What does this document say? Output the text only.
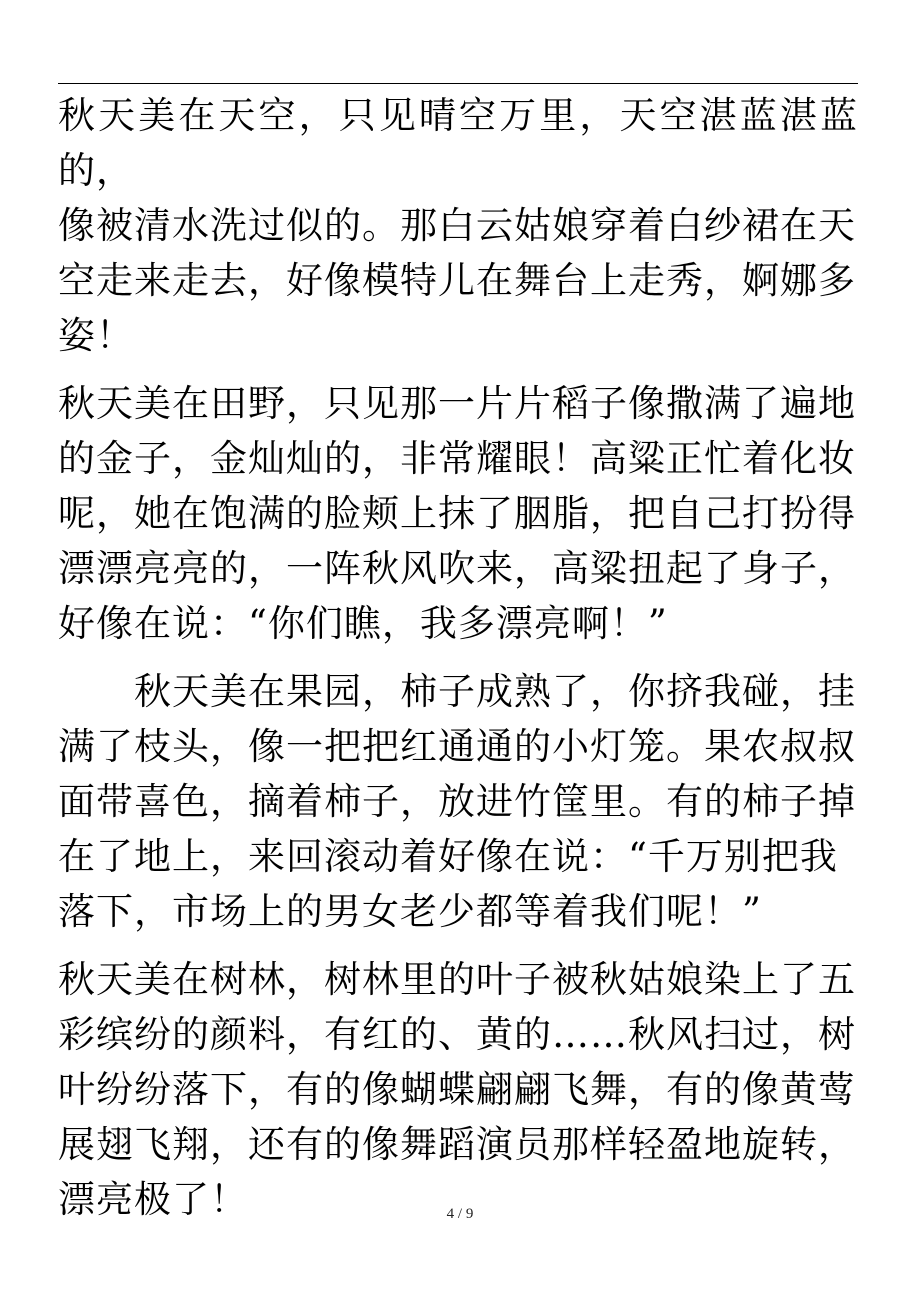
秋天美在天空，只见晴空万里，天空湛蓝湛蓝的，
像被清水洗过似的。那白云姑娘穿着白纱裙在天
空走来走去，好像模特儿在舞台上走秀，婀娜多
姿！

秋天美在田野，只见那一片片稻子像撒满了遍地
的金子，金灿灿的，非常耀眼！高粱正忙着化妆
呢，她在饱满的脸颊上抹了胭脂，把自己打扮得
漂漂亮亮的，一阵秋风吹来，高粱扭起了身子，
好像在说：“你们瞧，我多漂亮啊！”

秋天美在果园，柿子成熟了，你挤我碰，挂
满了枝头，像一把把红通通的小灯笼。果农叔叔
面带喜色，摘着柿子，放进竹筐里。有的柿子掉
在了地上，来回滚动着好像在说：“千万别把我
落下，市场上的男女老少都等着我们呢！”

秋天美在树林，树林里的叶子被秋姑娘染上了五
彩缤纷的颜料，有红的、黄的……秋风扫过，树
叶纷纷落下，有的像蝴蝶翩翩飞舞，有的像黄莺
展翅飞翔，还有的像舞蹈演员那样轻盈地旋转，
漂亮极了！	4 / 9
